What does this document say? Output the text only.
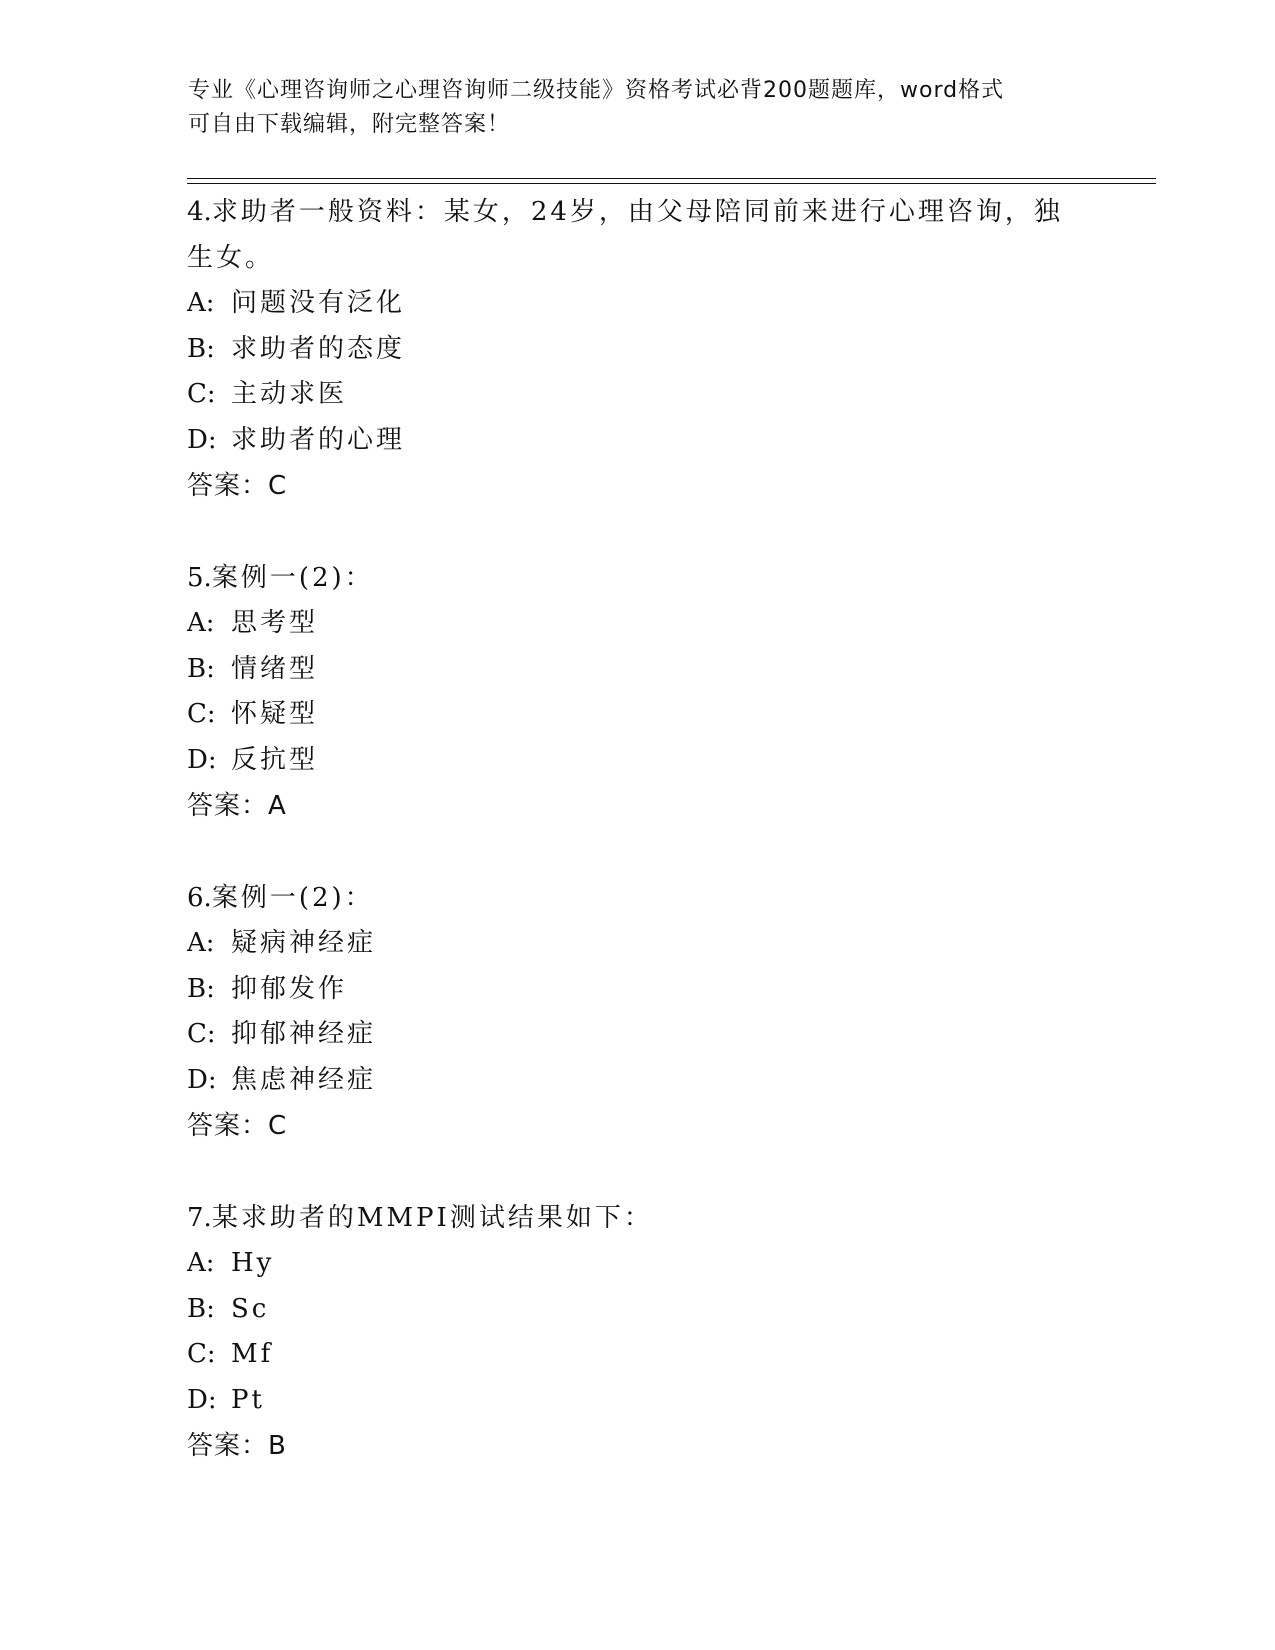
专业《心理咨询师之心理咨询师二级技能》资格考试必背200题题库，word格式
可自由下载编辑，附完整答案！

4.求助者一般资料：某女，24岁，由父母陪同前来进行心理咨询，独生女。

A: 问题没有泛化

B: 求助者的态度

C: 主动求医

D: 求助者的心理

答案：C

5.案例一(2)：

A: 思考型

B: 情绪型

C: 怀疑型

D: 反抗型

答案：A

6.案例一(2)：

A: 疑病神经症

B: 抑郁发作

C: 抑郁神经症

D: 焦虑神经症

答案：C

7.某求助者的MMPI测试结果如下：

A: Hy

B: Sc

C: Mf

D: Pt

答案：B
